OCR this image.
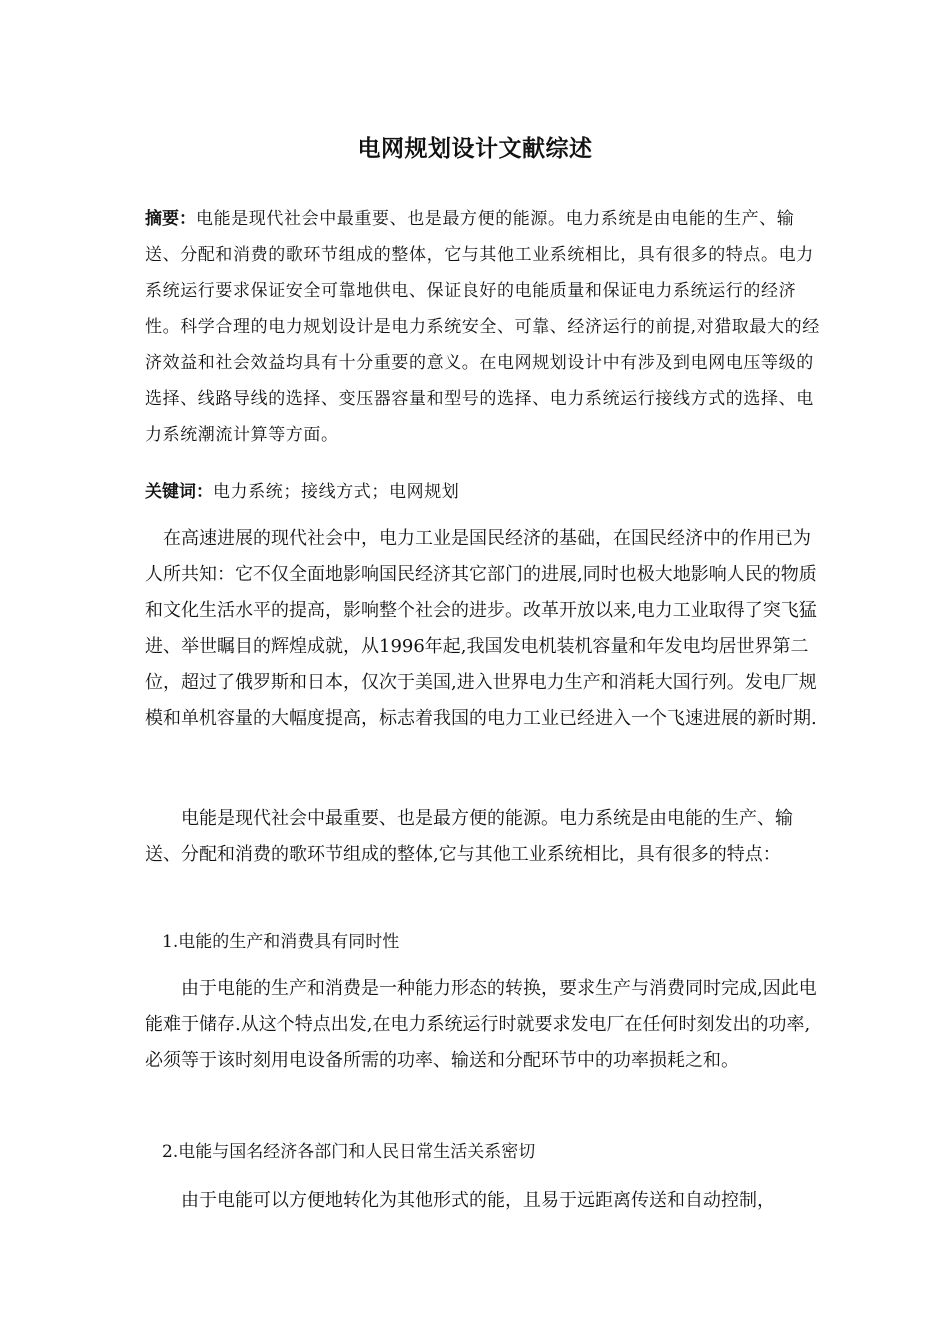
电网规划设计文献综述

摘要：电能是现代社会中最重要、也是最方便的能源。电力系统是由电能的生产、输送、分配和消费的歌环节组成的整体，它与其他工业系统相比，具有很多的特点。电力系统运行要求保证安全可靠地供电、保证良好的电能质量和保证电力系统运行的经济性。科学合理的电力规划设计是电力系统安全、可靠、经济运行的前提,对猎取最大的经济效益和社会效益均具有十分重要的意义。在电网规划设计中有涉及到电网电压等级的选择、线路导线的选择、变压器容量和型号的选择、电力系统运行接线方式的选择、电力系统潮流计算等方面。

关键词：电力系统；接线方式；电网规划

在高速进展的现代社会中，电力工业是国民经济的基础，在国民经济中的作用已为人所共知：它不仅全面地影响国民经济其它部门的进展,同时也极大地影响人民的物质和文化生活水平的提高，影响整个社会的进步。改革开放以来,电力工业取得了突飞猛进、举世瞩目的辉煌成就，从1996年起,我国发电机装机容量和年发电均居世界第二位，超过了俄罗斯和日本，仅次于美国,进入世界电力生产和消耗大国行列。发电厂规模和单机容量的大幅度提高，标志着我国的电力工业已经进入一个飞速进展的新时期.

电能是现代社会中最重要、也是最方便的能源。电力系统是由电能的生产、输送、分配和消费的歌环节组成的整体,它与其他工业系统相比，具有很多的特点：

1.电能的生产和消费具有同时性

由于电能的生产和消费是一种能力形态的转换，要求生产与消费同时完成,因此电能难于储存.从这个特点出发,在电力系统运行时就要求发电厂在任何时刻发出的功率,必须等于该时刻用电设备所需的功率、输送和分配环节中的功率损耗之和。

2.电能与国名经济各部门和人民日常生活关系密切

由于电能可以方便地转化为其他形式的能，且易于远距离传送和自动控制，
